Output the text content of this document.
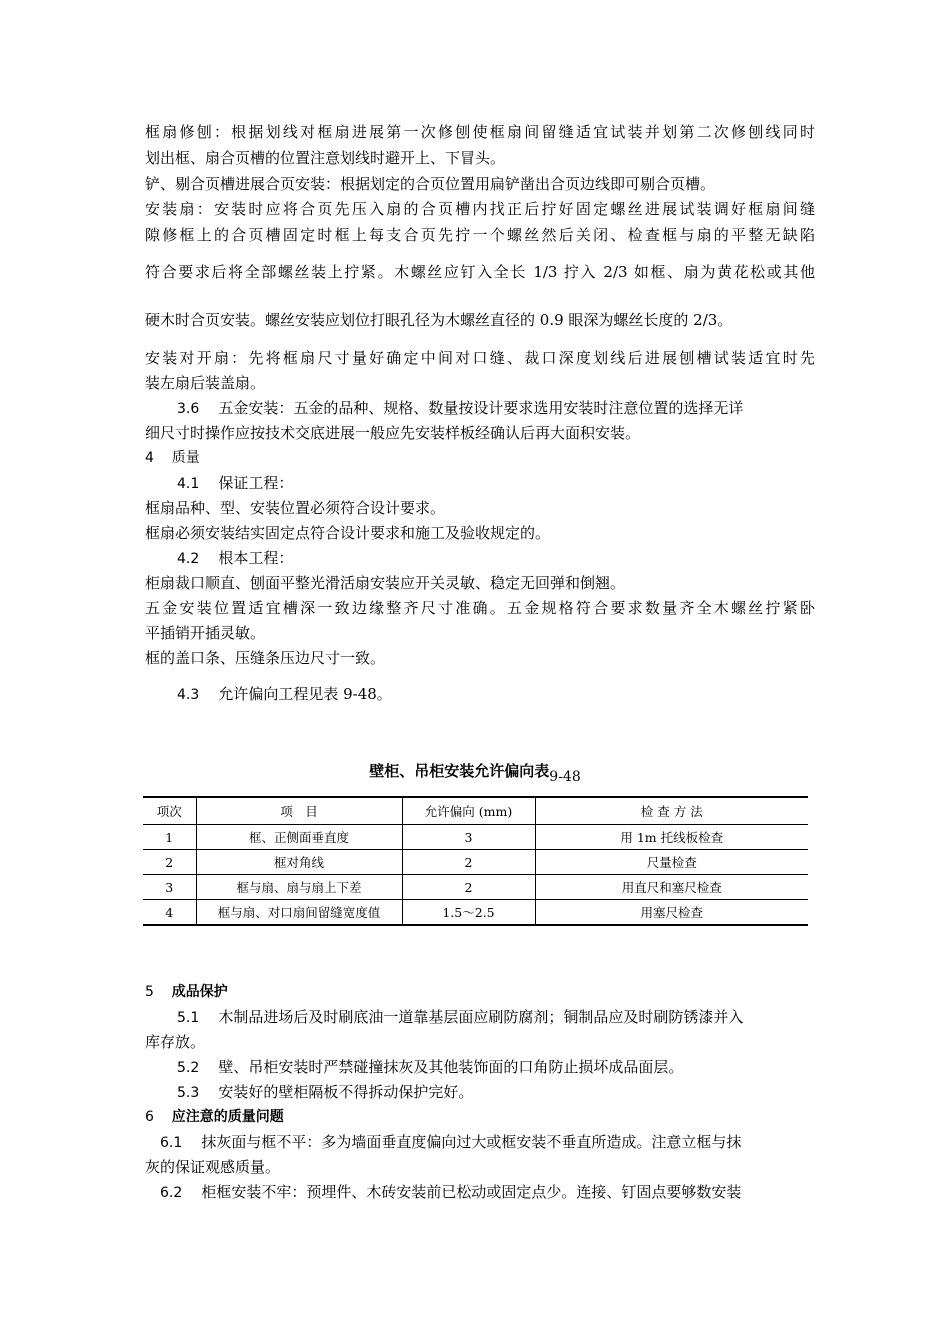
框扇修刨：根据划线对框扇进展第一次修刨使框扇间留缝适宜试装并划第二次修刨线同时
划出框、扇合页槽的位置注意划线时避开上、下冒头。
铲、剔合页槽进展合页安装：根据划定的合页位置用扁铲凿出合页边线即可剔合页槽。
安装扇：安装时应将合页先压入扇的合页槽内找正后拧好固定螺丝进展试装调好框扇间缝
隙修框上的合页槽固定时框上每支合页先拧一个螺丝然后关闭、检查框与扇的平整无缺陷
符合要求后将全部螺丝装上拧紧。木螺丝应钉入全长 1/3 拧入 2/3 如框、扇为黄花松或其他
硬木时合页安装。螺丝安装应划位打眼孔径为木螺丝直径的 0.9 眼深为螺丝长度的 2/3。
安装对开扇：先将框扇尺寸量好确定中间对口缝、裁口深度划线后进展刨槽试装适宜时先
装左扇后装盖扇。
3.6 五金安装：五金的品种、规格、数量按设计要求选用安装时注意位置的选择无详
细尺寸时操作应按技术交底进展一般应先安装样板经确认后再大面积安装。
4 质量
4.1 保证工程：
框扇品种、型、安装位置必须符合设计要求。
框扇必须安装结实固定点符合设计要求和施工及验收规定的。
4.2 根本工程：
柜扇裁口顺直、刨面平整光滑活扇安装应开关灵敏、稳定无回弹和倒翘。
五金安装位置适宜槽深一致边缘整齐尺寸准确。五金规格符合要求数量齐全木螺丝拧紧卧
平插销开插灵敏。
框的盖口条、压缝条压边尺寸一致。
4.3 允许偏向工程见表 9-48。
壁柜、吊柜安装允许偏向表9-48
项次	项　目	允许偏向 (mm)	检 查 方 法
1	框、正侧面垂直度	3	用 1m 托线板检查
2	框对角线	2	尺量检查
3	框与扇、扇与扇上下差	2	用直尺和塞尺检查
4	框与扇、对口扇间留缝宽度值	1.5～2.5	用塞尺检查
5 成品保护
5.1 木制品进场后及时刷底油一道靠基层面应刷防腐剂；铜制品应及时刷防锈漆并入
库存放。
5.2 壁、吊柜安装时严禁碰撞抹灰及其他装饰面的口角防止损坏成品面层。
5.3 安装好的壁柜隔板不得拆动保护完好。
6 应注意的质量问题
6.1 抹灰面与框不平：多为墙面垂直度偏向过大或框安装不垂直所造成。注意立框与抹
灰的保证观感质量。
6.2 柜框安装不牢：预埋件、木砖安装前已松动或固定点少。连接、钉固点要够数安装
